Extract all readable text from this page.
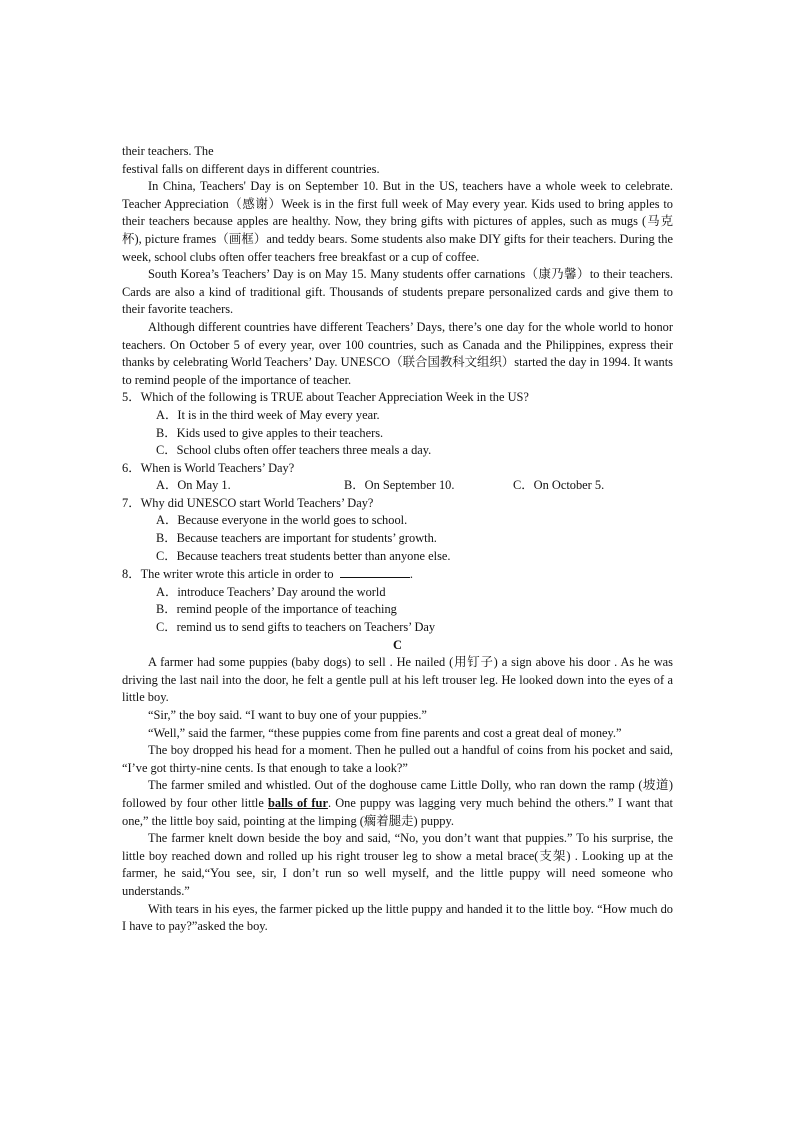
their teachers. The

festival falls on different days in different countries.

In China, Teachers' Day is on September 10. But in the US, teachers have a whole week to celebrate. Teacher Appreciation（感谢）Week is in the first full week of May every year. Kids used to bring apples to their teachers because apples are healthy. Now, they bring gifts with pictures of apples, such as mugs (马克杯), picture frames（画框）and teddy bears. Some students also make DIY gifts for their teachers. During the week, school clubs often offer teachers free breakfast or a cup of coffee.

South Korea’s Teachers’ Day is on May 15. Many students offer carnations（康乃馨）to their teachers. Cards are also a kind of traditional gift. Thousands of students prepare personalized cards and give them to their favorite teachers.

Although different countries have different Teachers’ Days, there’s one day for the whole world to honor teachers. On October 5 of every year, over 100 countries, such as Canada and the Philippines, express their thanks by celebrating World Teachers’ Day. UNESCO（联合国教科文组织）started the day in 1994. It wants to remind people of the importance of teacher.

5．Which of the following is TRUE about Teacher Appreciation Week in the US?

A．It is in the third week of May every year.

B．Kids used to give apples to their teachers.

C．School clubs often offer teachers three meals a day.

6．When is World Teachers’ Day?

A．On May 1.	B．On September 10.	C．On October 5.

7．Why did UNESCO start World Teachers’ Day?

A．Because everyone in the world goes to school.

B．Because teachers are important for students’ growth.

C．Because teachers treat students better than anyone else.

8．The writer wrote this article in order to	.

A．introduce Teachers’ Day around the world

B．remind people of the importance of teaching

C．remind us to send gifts to teachers on Teachers’ Day

C

A farmer had some puppies (baby dogs) to sell . He nailed (用钉子) a sign above his door . As he was driving the last nail into the door, he felt a gentle pull at his left trouser leg. He looked down into the eyes of a little boy.

“Sir,” the boy said. “I want to buy one of your puppies.”

“Well,” said the farmer, “these puppies come from fine parents and cost a great deal of money.”

The boy dropped his head for a moment. Then he pulled out a handful of coins from his pocket and said, “I’ve got thirty-nine cents. Is that enough to take a look?”

The farmer smiled and whistled. Out of the doghouse came Little Dolly, who ran down the ramp (坡道) followed by four other little balls of fur. One puppy was lagging very much behind the others.” I want that one,” the little boy said, pointing at the limping (瘸着腿走) puppy.

The farmer knelt down beside the boy and said, “No, you don’t want that puppies.” To his surprise, the little boy reached down and rolled up his right trouser leg to show a metal brace(支架) . Looking up at the farmer, he said,“You see, sir, I don’t run so well myself, and the little puppy will need someone who understands.”

With tears in his eyes, the farmer picked up the little puppy and handed it to the little boy. “How much do I have to pay?”asked the boy.
